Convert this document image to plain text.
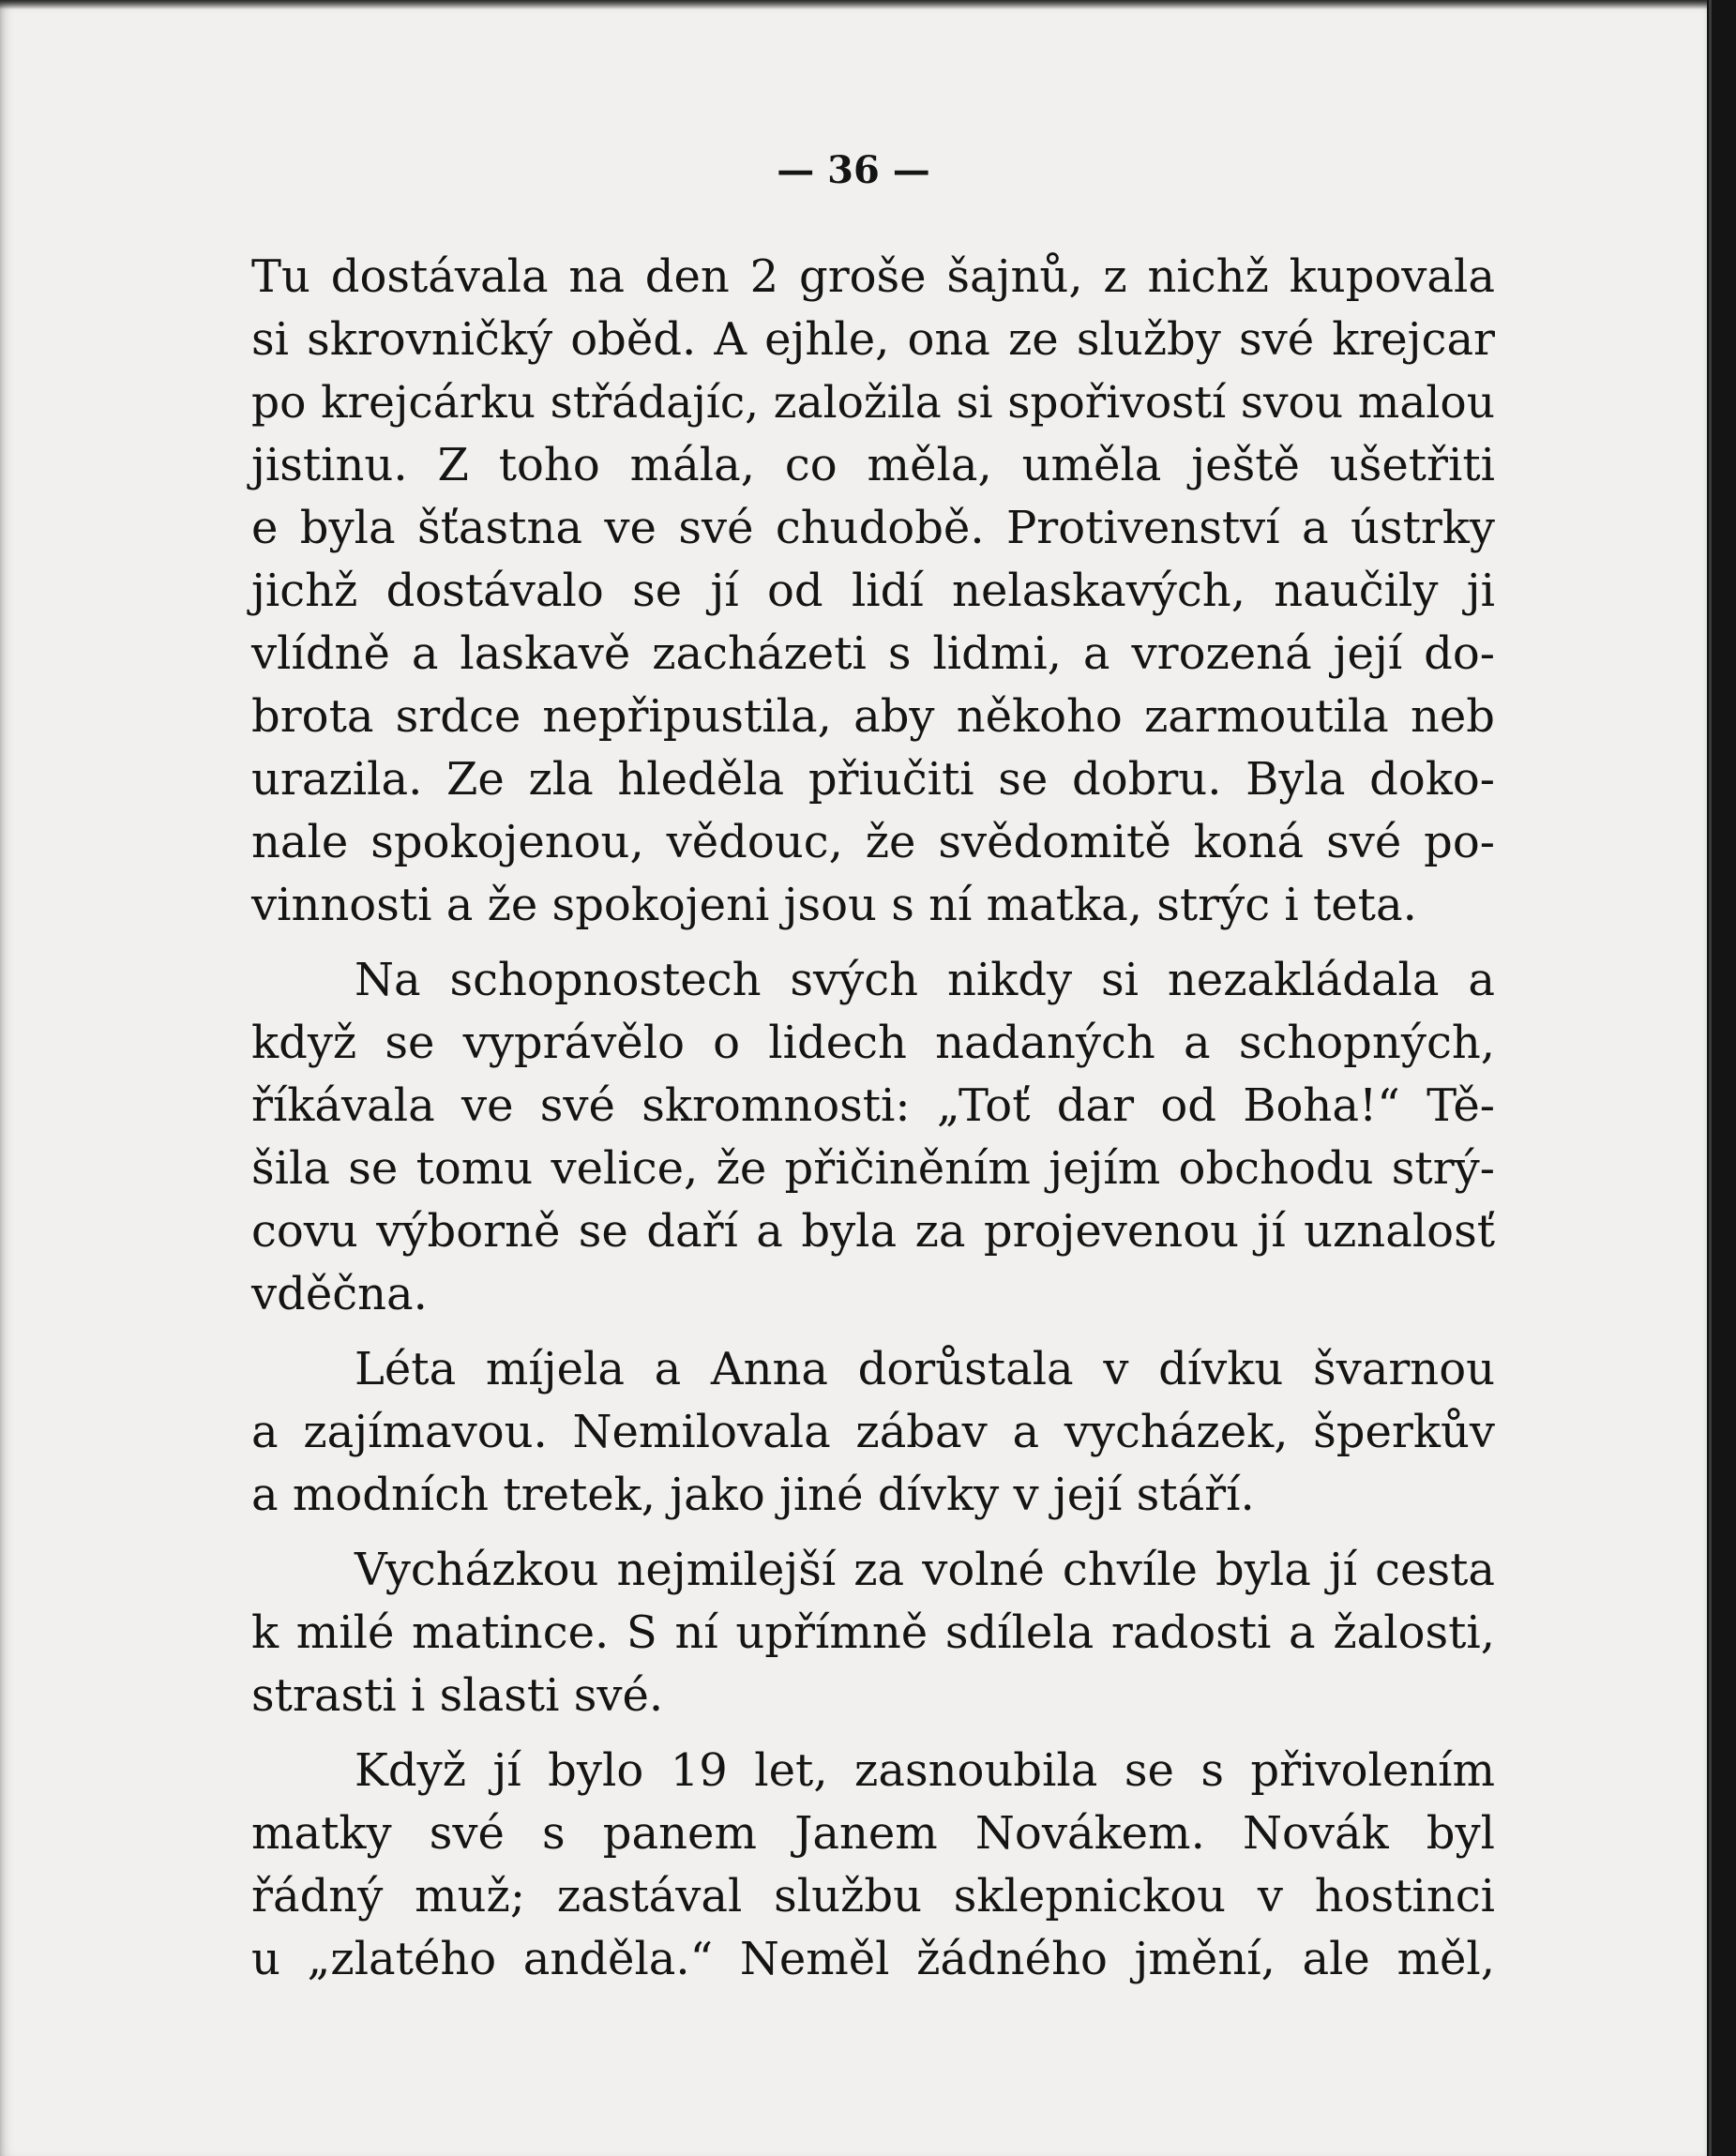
— 36 —
Tu dostávala na den 2 groše šajnů, z nichž kupovala
si skrovničký oběd. A ejhle, ona ze služby své krejcar
po krejcárku střádajíc, založila si spořivostí svou malou
jistinu. Z toho mála, co měla, uměla ještě ušetřiti
e byla šťastna ve své chudobě. Protivenství a ústrky
jichž dostávalo se jí od lidí nelaskavých, naučily ji
vlídně a laskavě zacházeti s lidmi, a vrozená její do-
brota srdce nepřipustila, aby někoho zarmoutila neb
urazila. Ze zla hleděla přiučiti se dobru. Byla doko-
nale spokojenou, vědouc, že svědomitě koná své po-
vinnosti a že spokojeni jsou s ní matka, strýc i teta.
Na schopnostech svých nikdy si nezakládala a
když se vyprávělo o lidech nadaných a schopných,
říkávala ve své skromnosti: „Toť dar od Boha!“ Tě-
šila se tomu velice, že přičiněním jejím obchodu strý-
covu výborně se daří a byla za projevenou jí uznalosť
vděčna.
Léta míjela a Anna dorůstala v dívku švarnou
a zajímavou. Nemilovala zábav a vycházek, šperkův
a modních tretek, jako jiné dívky v její stáří.
Vycházkou nejmilejší za volné chvíle byla jí cesta
k milé matince. S ní upřímně sdílela radosti a žalosti,
strasti i slasti své.
Když jí bylo 19 let, zasnoubila se s přivolením
matky své s panem Janem Novákem. Novák byl
řádný muž; zastával službu sklepnickou v hostinci
u „zlatého anděla.“ Neměl žádného jmění, ale měl,
